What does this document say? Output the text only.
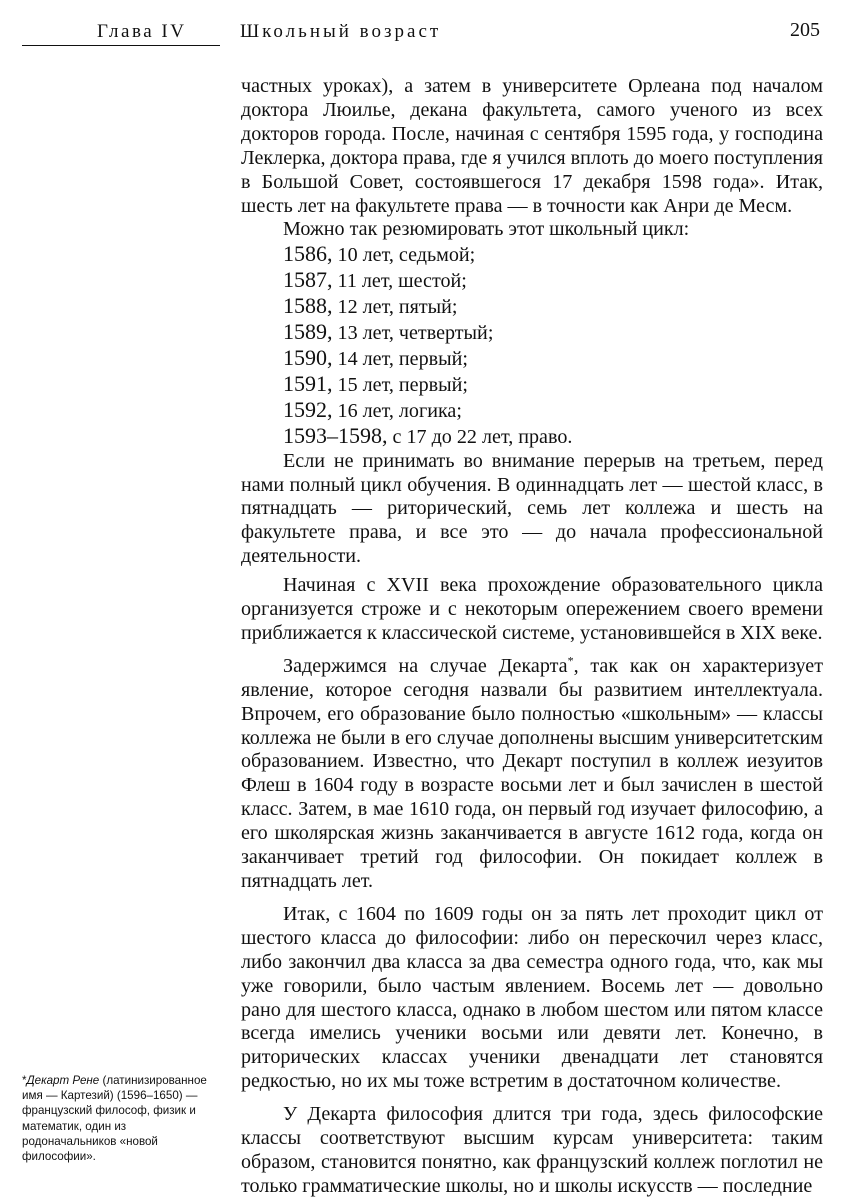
Глава IV	Школьный возраст	205

частных уроках), а затем в университете Орлеана под началом доктора Люилье, декана факультета, самого ученого из всех докторов города. После, начиная с сентября 1595 года, у господина Леклерка, доктора права, где я учился вплоть до моего поступления в Большой Совет, состоявшегося 17 декабря 1598 года». Итак, шесть лет на факультете права — в точности как Анри де Месм.

Можно так резюмировать этот школьный цикл:

1586, 10 лет, седьмой;
1587, 11 лет, шестой;
1588, 12 лет, пятый;
1589, 13 лет, четвертый;
1590, 14 лет, первый;
1591, 15 лет, первый;
1592, 16 лет, логика;
1593–1598, с 17 до 22 лет, право.

Если не принимать во внимание перерыв на третьем, перед нами полный цикл обучения. В одиннадцать лет — шестой класс, в пятнадцать — риторический, семь лет коллежа и шесть на факультете права, и все это — до начала профессиональной деятельности.

Начиная с XVII века прохождение образовательного цикла организуется строже и с некоторым опережением своего времени приближается к классической системе, установившейся в XIX веке.

Задержимся на случае Декарта*, так как он характеризует явление, которое сегодня назвали бы развитием интеллектуала. Впрочем, его образование было полностью «школьным» — классы коллежа не были в его случае дополнены высшим университетским образованием. Известно, что Декарт поступил в коллеж иезуитов Флеш в 1604 году в возрасте восьми лет и был зачислен в шестой класс. Затем, в мае 1610 года, он первый год изучает философию, а его школярская жизнь заканчивается в августе 1612 года, когда он заканчивает третий год философии. Он покидает коллеж в пятнадцать лет.

Итак, с 1604 по 1609 годы он за пять лет проходит цикл от шестого класса до философии: либо он перескочил через класс, либо закончил два класса за два семестра одного года, что, как мы уже говорили, было частым явлением. Восемь лет — довольно рано для шестого класса, однако в любом шестом или пятом классе всегда имелись ученики восьми или девяти лет. Конечно, в риторических классах ученики двенадцати лет становятся редкостью, но их мы тоже встретим в достаточном количестве.

У Декарта философия длится три года, здесь философские классы соответствуют высшим курсам университета: таким образом, становится понятно, как французский коллеж поглотил не только грамматические школы, но и школы искусств — последние

*Декарт Рене (латинизированное имя — Картезий) (1596–1650) — французский философ, физик и математик, один из родоначальников «новой философии».
